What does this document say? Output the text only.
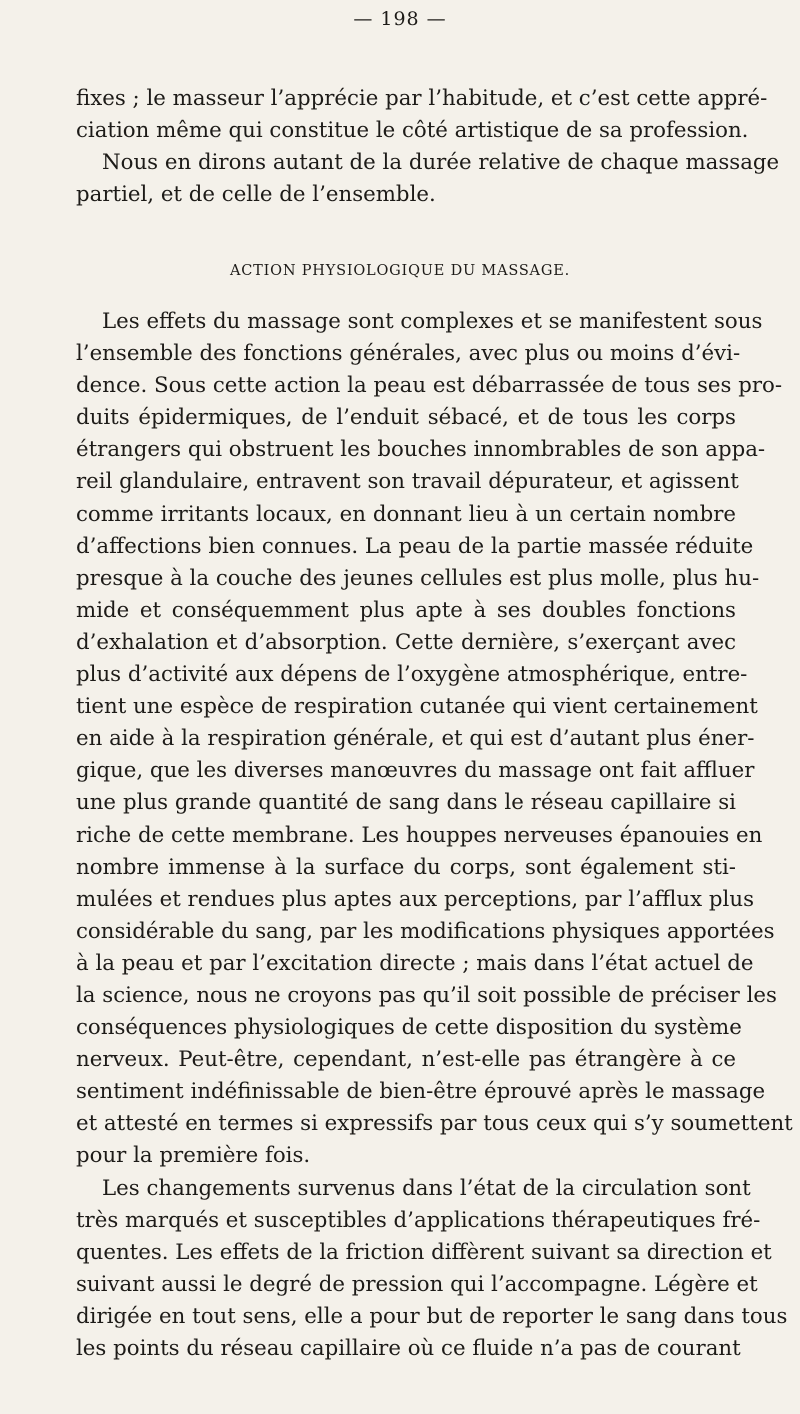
— 198 —
fixes ; le masseur l’apprécie par l’habitude, et c’est cette appré-
ciation même qui constitue le côté artistique de sa profession.
Nous en dirons autant de la durée relative de chaque massage
partiel, et de celle de l’ensemble.
ACTION PHYSIOLOGIQUE DU MASSAGE.
Les effets du massage sont complexes et se manifestent sous
l’ensemble des fonctions générales, avec plus ou moins d’évi-
dence. Sous cette action la peau est débarrassée de tous ses pro-
duits épidermiques, de l’enduit sébacé, et de tous les corps
étrangers qui obstruent les bouches innombrables de son appa-
reil glandulaire, entravent son travail dépurateur, et agissent
comme irritants locaux, en donnant lieu à un certain nombre
d’affections bien connues. La peau de la partie massée réduite
presque à la couche des jeunes cellules est plus molle, plus hu-
mide et conséquemment plus apte à ses doubles fonctions
d’exhalation et d’absorption. Cette dernière, s’exerçant avec
plus d’activité aux dépens de l’oxygène atmosphérique, entre-
tient une espèce de respiration cutanée qui vient certainement
en aide à la respiration générale, et qui est d’autant plus éner-
gique, que les diverses manœuvres du massage ont fait affluer
une plus grande quantité de sang dans le réseau capillaire si
riche de cette membrane. Les houppes nerveuses épanouies en
nombre immense à la surface du corps, sont également sti-
mulées et rendues plus aptes aux perceptions, par l’afflux plus
considérable du sang, par les modifications physiques apportées
à la peau et par l’excitation directe ; mais dans l’état actuel de
la science, nous ne croyons pas qu’il soit possible de préciser les
conséquences physiologiques de cette disposition du système
nerveux. Peut-être, cependant, n’est-elle pas étrangère à ce
sentiment indéfinissable de bien-être éprouvé après le massage
et attesté en termes si expressifs par tous ceux qui s’y soumettent
pour la première fois.
Les changements survenus dans l’état de la circulation sont
très marqués et susceptibles d’applications thérapeutiques fré-
quentes. Les effets de la friction diffèrent suivant sa direction et
suivant aussi le degré de pression qui l’accompagne. Légère et
dirigée en tout sens, elle a pour but de reporter le sang dans tous
les points du réseau capillaire où ce fluide n’a pas de courant
